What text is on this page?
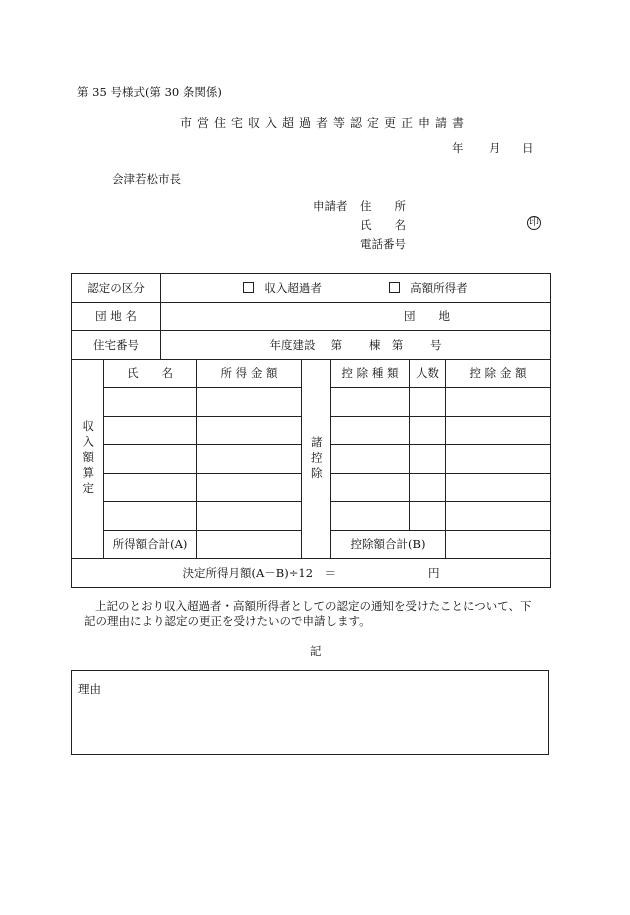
第 35 号様式(第 30 条関係)
市営住宅収入超過者等認定更正申請書
年 月 日
会津若松市長
申請者 住　　所
氏　　名	印
電話番号
認定の区分		収入超過者 高額所得者					
団 地 名		団　　地					
住宅番号		年度建設　 第　　 棟　第　　 号					

収入額算定	氏　　名		所 得 金 額	諸控除	控 除 種 類	人数	控 除 金 額

	所得額合計(A)				控除額合計(B)		
決定所得月額(A－B)÷12　＝　　　　　　　　円							
上記のとおり収入超過者・高額所得者としての認定の通知を受けたことについて、下
記の理由により認定の更正を受けたいので申請します。
記
理由
